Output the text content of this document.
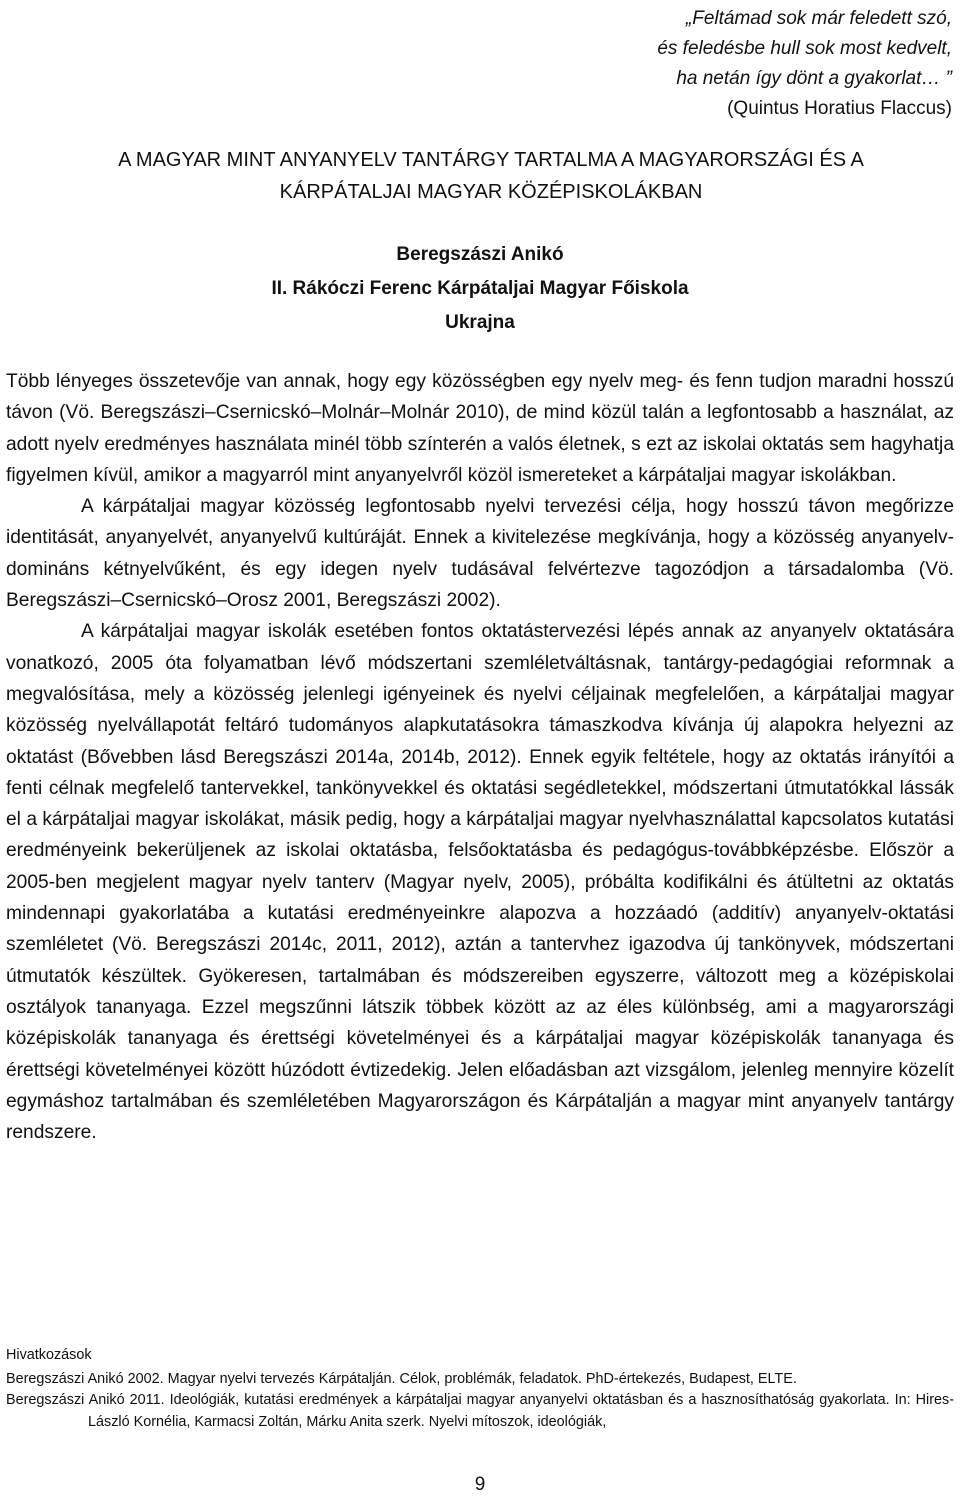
„Feltámad sok már feledett szó,
és feledésbe hull sok most kedvelt,
ha netán így dönt a gyakorlat… ”
(Quintus Horatius Flaccus)
A MAGYAR MINT ANYANYELV TANTÁRGY TARTALMA A MAGYARORSZÁGI ÉS A KÁRPÁTALJAI MAGYAR KÖZÉPISKOLÁKBAN
Beregszászi Anikó
II. Rákóczi Ferenc Kárpátaljai Magyar Főiskola
Ukrajna

Több lényeges összetevője van annak, hogy egy közösségben egy nyelv meg- és fenn tudjon maradni hosszú távon (Vö. Beregszászi–Csernicskó–Molnár–Molnár 2010), de mind közül talán a legfontosabb a használat, az adott nyelv eredményes használata minél több színterén a valós életnek, s ezt az iskolai oktatás sem hagyhatja figyelmen kívül, amikor a magyarról mint anyanyelvről közöl ismereteket a kárpátaljai magyar iskolákban.

A kárpátaljai magyar közösség legfontosabb nyelvi tervezési célja, hogy hosszú távon megőrizze identitását, anyanyelvét, anyanyelvű kultúráját. Ennek a kivitelezése megkívánja, hogy a közösség anyanyelv-domináns kétnyelvűként, és egy idegen nyelv tudásával felvértezve tagozódjon a társadalomba (Vö. Beregszászi–Csernicskó–Orosz 2001, Beregszászi 2002).

A kárpátaljai magyar iskolák esetében fontos oktatástervezési lépés annak az anyanyelv oktatására vonatkozó, 2005 óta folyamatban lévő módszertani szemléletváltásnak, tantárgy-pedagógiai reformnak a megvalósítása, mely a közösség jelenlegi igényeinek és nyelvi céljainak megfelelően, a kárpátaljai magyar közösség nyelvállapotát feltáró tudományos alapkutatásokra támaszkodva kívánja új alapokra helyezni az oktatást (Bővebben lásd Beregszászi 2014a, 2014b, 2012). Ennek egyik feltétele, hogy az oktatás irányítói a fenti célnak megfelelő tantervekkel, tankönyvekkel és oktatási segédletekkel, módszertani útmutatókkal lássák el a kárpátaljai magyar iskolákat, másik pedig, hogy a kárpátaljai magyar nyelvhasználattal kapcsolatos kutatási eredményeink bekerüljenek az iskolai oktatásba, felsőoktatásba és pedagógus-továbbképzésbe. Először a 2005-ben megjelent magyar nyelv tanterv (Magyar nyelv, 2005), próbálta kodifikálni és átültetni az oktatás mindennapi gyakorlatába a kutatási eredményeinkre alapozva a hozzáadó (additív) anyanyelv-oktatási szemléletet (Vö. Beregszászi 2014c, 2011, 2012), aztán a tantervhez igazodva új tankönyvek, módszertani útmutatók készültek. Gyökeresen, tartalmában és módszereiben egyszerre, változott meg a középiskolai osztályok tananyaga. Ezzel megszűnni látszik többek között az az éles különbség, ami a magyarországi középiskolák tananyaga és érettségi követelményei és a kárpátaljai magyar középiskolák tananyaga és érettségi követelményei között húzódott évtizedekig. Jelen előadásban azt vizsgálom, jelenleg mennyire közelít egymáshoz tartalmában és szemléletében Magyarországon és Kárpátalján a magyar mint anyanyelv tantárgy rendszere.

Hivatkozások
Beregszászi Anikó 2002. Magyar nyelvi tervezés Kárpátalján. Célok, problémák, feladatok. PhD-értekezés, Budapest, ELTE.
Beregszászi Anikó 2011. Ideológiák, kutatási eredmények a kárpátaljai magyar anyanyelvi oktatásban és a hasznosíthatóság gyakorlata. In: Hires-László Kornélia, Karmacsi Zoltán, Márku Anita szerk. Nyelvi mítoszok, ideológiák,
9
